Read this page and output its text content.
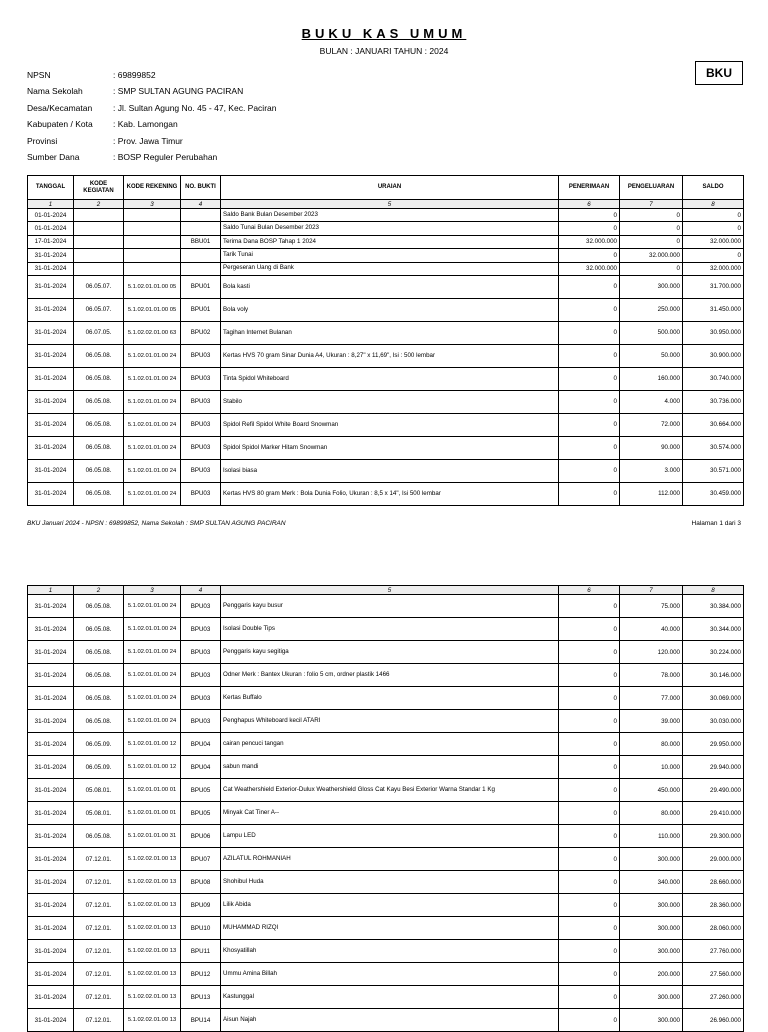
BUKU KAS UMUM
BULAN : JANUARI TAHUN : 2024
BKU
NPSN	: 69899852
Nama Sekolah	: SMP SULTAN AGUNG PACIRAN
Desa/Kecamatan	: Jl. Sultan Agung No. 45 - 47, Kec. Paciran
Kabupaten / Kota	: Kab. Lamongan
Provinsi	: Prov. Jawa Timur
Sumber Dana	: BOSP Reguler Perubahan
TANGGAL	KODE KEGIATAN	KODE REKENING	NO. BUKTI	URAIAN	PENERIMAAN	PENGELUARAN	SALDO
1	2	3	4	5	6	7	8
01-01-2024				Saldo Bank Bulan Desember 2023	0	0	0
01-01-2024				Saldo Tunai Bulan Desember 2023	0	0	0
17-01-2024			BBU01	Terima Dana BOSP Tahap 1 2024	32.000.000	0	32.000.000
31-01-2024				Tarik Tunai	0	32.000.000	0
31-01-2024				Pergeseran Uang di Bank	32.000.000	0	32.000.000
31-01-2024	06.05.07.	5.1.02.01.01.00 05	BPU01	Bola kasti	0	300.000	31.700.000
31-01-2024	06.05.07.	5.1.02.01.01.00 05	BPU01	Bola voly	0	250.000	31.450.000
31-01-2024	06.07.05.	5.1.02.02.01.00 63	BPU02	Tagihan Internet Bulanan	0	500.000	30.950.000
31-01-2024	06.05.08.	5.1.02.01.01.00 24	BPU03	Kertas HVS 70 gram Sinar Dunia A4, Ukuran : 8,27" x 11,69", Isi : 500 lembar	0	50.000	30.900.000
31-01-2024	06.05.08.	5.1.02.01.01.00 24	BPU03	Tinta Spidol Whiteboard	0	160.000	30.740.000
31-01-2024	06.05.08.	5.1.02.01.01.00 24	BPU03	Stabilo	0	4.000	30.736.000
31-01-2024	06.05.08.	5.1.02.01.01.00 24	BPU03	Spidol Refil Spidol White Board Snowman	0	72.000	30.664.000
31-01-2024	06.05.08.	5.1.02.01.01.00 24	BPU03	Spidol Spidol Marker Hitam Snowman	0	90.000	30.574.000
31-01-2024	06.05.08.	5.1.02.01.01.00 24	BPU03	Isolasi biasa	0	3.000	30.571.000
31-01-2024	06.05.08.	5.1.02.01.01.00 24	BPU03	Kertas HVS 80 gram Merk : Bola Dunia Folio, Ukuran : 8,5 x 14", Isi 500 lembar	0	112.000	30.459.000
BKU Januari 2024 - NPSN : 69899852, Nama Sekolah : SMP SULTAN AGUNG PACIRAN	Halaman 1 dari 3
1	2	3	4	5	6	7	8
31-01-2024	06.05.08.	5.1.02.01.01.00 24	BPU03	Penggaris kayu busur	0	75.000	30.384.000
31-01-2024	06.05.08.	5.1.02.01.01.00 24	BPU03	Isolasi Double Tips	0	40.000	30.344.000
31-01-2024	06.05.08.	5.1.02.01.01.00 24	BPU03	Penggaris kayu segitiga	0	120.000	30.224.000
31-01-2024	06.05.08.	5.1.02.01.01.00 24	BPU03	Odner Merk : Bantex Ukuran : folio 5 cm, ordner plastik 1466	0	78.000	30.146.000
31-01-2024	06.05.08.	5.1.02.01.01.00 24	BPU03	Kertas Buffalo	0	77.000	30.069.000
31-01-2024	06.05.08.	5.1.02.01.01.00 24	BPU03	Penghapus Whiteboard kecil ATARI	0	39.000	30.030.000
31-01-2024	06.05.09.	5.1.02.01.01.00 12	BPU04	cairan pencuci tangan	0	80.000	29.950.000
31-01-2024	06.05.09.	5.1.02.01.01.00 12	BPU04	sabun mandi	0	10.000	29.940.000
31-01-2024	05.08.01.	5.1.02.01.01.00 01	BPU05	Cat Weathershield Exterior-Dulux Weathershield Gloss Cat Kayu Besi Exterior Warna Standar 1 Kg	0	450.000	29.490.000
31-01-2024	05.08.01.	5.1.02.01.01.00 01	BPU05	Minyak Cat Tiner A--	0	80.000	29.410.000
31-01-2024	06.05.08.	5.1.02.01.01.00 31	BPU06	Lampu LED	0	110.000	29.300.000
31-01-2024	07.12.01.	5.1.02.02.01.00 13	BPU07	AZILATUL ROHMANIAH	0	300.000	29.000.000
31-01-2024	07.12.01.	5.1.02.02.01.00 13	BPU08	Shohibul Huda	0	340.000	28.660.000
31-01-2024	07.12.01.	5.1.02.02.01.00 13	BPU09	Lilik Abida	0	300.000	28.360.000
31-01-2024	07.12.01.	5.1.02.02.01.00 13	BPU10	MUHAMMAD RIZQI	0	300.000	28.060.000
31-01-2024	07.12.01.	5.1.02.02.01.00 13	BPU11	Khosyatillah	0	300.000	27.760.000
31-01-2024	07.12.01.	5.1.02.02.01.00 13	BPU12	Ummu Amina Billah	0	200.000	27.560.000
31-01-2024	07.12.01.	5.1.02.02.01.00 13	BPU13	Kastunggal	0	300.000	27.260.000
31-01-2024	07.12.01.	5.1.02.02.01.00 13	BPU14	Aisun Najah	0	300.000	26.960.000
